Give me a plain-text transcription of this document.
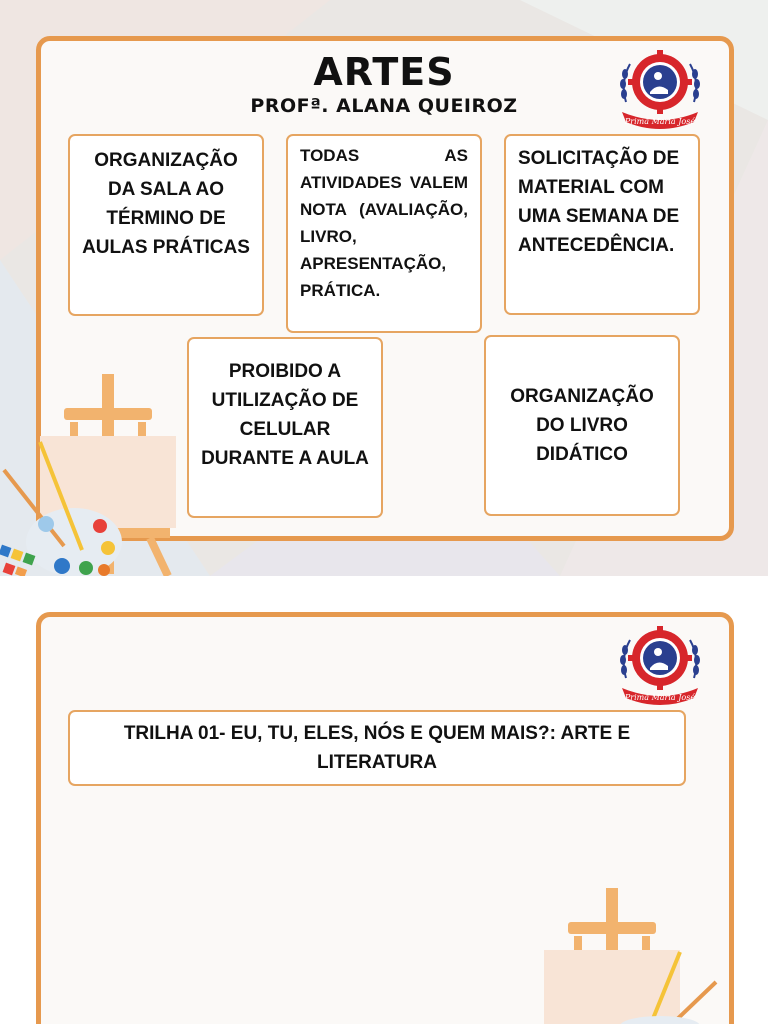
ARTES
PROFª. ALANA QUEIROZ
Prima Maria José
ORGANIZAÇÃO DA SALA AO TÉRMINO DE AULAS PRÁTICAS
TODAS AS ATIVIDADES VALEM NOTA (AVALIAÇÃO, LIVRO, APRESENTAÇÃO, PRÁTICA.
SOLICITAÇÃO DE MATERIAL COM UMA SEMANA DE ANTECEDÊNCIA.
PROIBIDO A UTILIZAÇÃO DE CELULAR DURANTE A AULA
ORGANIZAÇÃO DO LIVRO DIDÁTICO
Prima Maria José
TRILHA 01- EU, TU, ELES, NÓS E QUEM MAIS?: ARTE E LITERATURA
